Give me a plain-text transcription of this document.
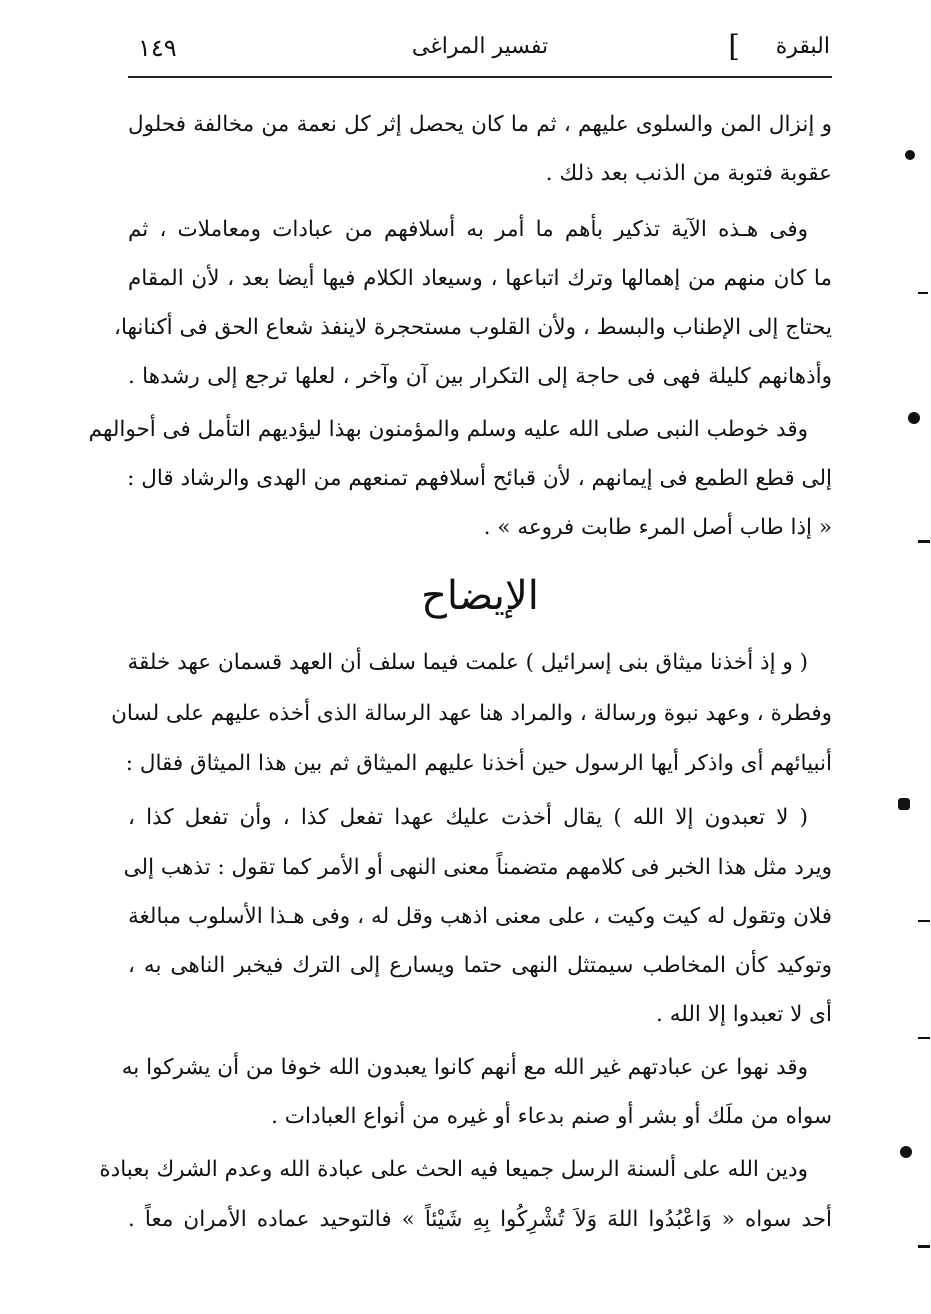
البقرة
]
تفسير المراغى
١٤٩
و إنزال المن والسلوى عليهم ، ثم ما كان يحصل إثر كل نعمة من مخالفة فحلول
عقوبة فتوبة من الذنب بعد ذلك .
وفى هـذه الآية تذكير بأهم ما أمر به أسلافهم من عبادات ومعاملات ، ثم
ما كان منهم من إهمالها وترك اتباعها ، وسيعاد الكلام فيها أيضا بعد ، لأن المقام
يحتاج إلى الإطناب والبسط ، ولأن القلوب مستحجرة لاينفذ شعاع الحق فى أكنانها،
وأذهانهم كليلة فهى فى حاجة إلى التكرار بين آن وآخر ، لعلها ترجع إلى رشدها .
وقد خوطب النبى صلى الله عليه وسلم والمؤمنون بهذا ليؤديهم التأمل فى أحوالهم
إلى قطع الطمع فى إيمانهم ، لأن قبائح أسلافهم تمنعهم من الهدى والرشاد قال :
« إذا طاب أصل المرء طابت فروعه » .
الإيضاح
( و إذ أخذنا ميثاق بنى إسرائيل ) علمت فيما سلف أن العهد قسمان عهد خلقة
وفطرة ، وعهد نبوة ورسالة ، والمراد هنا عهد الرسالة الذى أخذه عليهم على لسان
أنبيائهم أى واذكر أيها الرسول حين أخذنا عليهم الميثاق ثم بين هذا الميثاق فقال :
( لا تعبدون إلا الله ) يقال أخذت عليك عهدا تفعل كذا ، وأن تفعل كذا ،
ويرد مثل هذا الخبر فى كلامهم متضمناً معنى النهى أو الأمر كما تقول : تذهب إلى
فلان وتقول له كيت وكيت ، على معنى اذهب وقل له ، وفى هـذا الأسلوب مبالغة
وتوكيد كأن المخاطب سيمتثل النهى حتما ويسارع إلى الترك فيخبر الناهى به ،
أى لا تعبدوا إلا الله .
وقد نهوا عن عبادتهم غير الله مع أنهم كانوا يعبدون الله خوفا من أن يشركوا به
سواه من ملَك أو بشر أو صنم بدعاء أو غيره من أنواع العبادات .
ودين الله على ألسنة الرسل جميعا فيه الحث على عبادة الله وعدم الشرك بعبادة
أحد سواه « وَاعْبُدُوا اللهَ وَلاَ تُشْرِكُوا بِهِ شَيْئاً » فالتوحيد عماده الأمران معاً .
